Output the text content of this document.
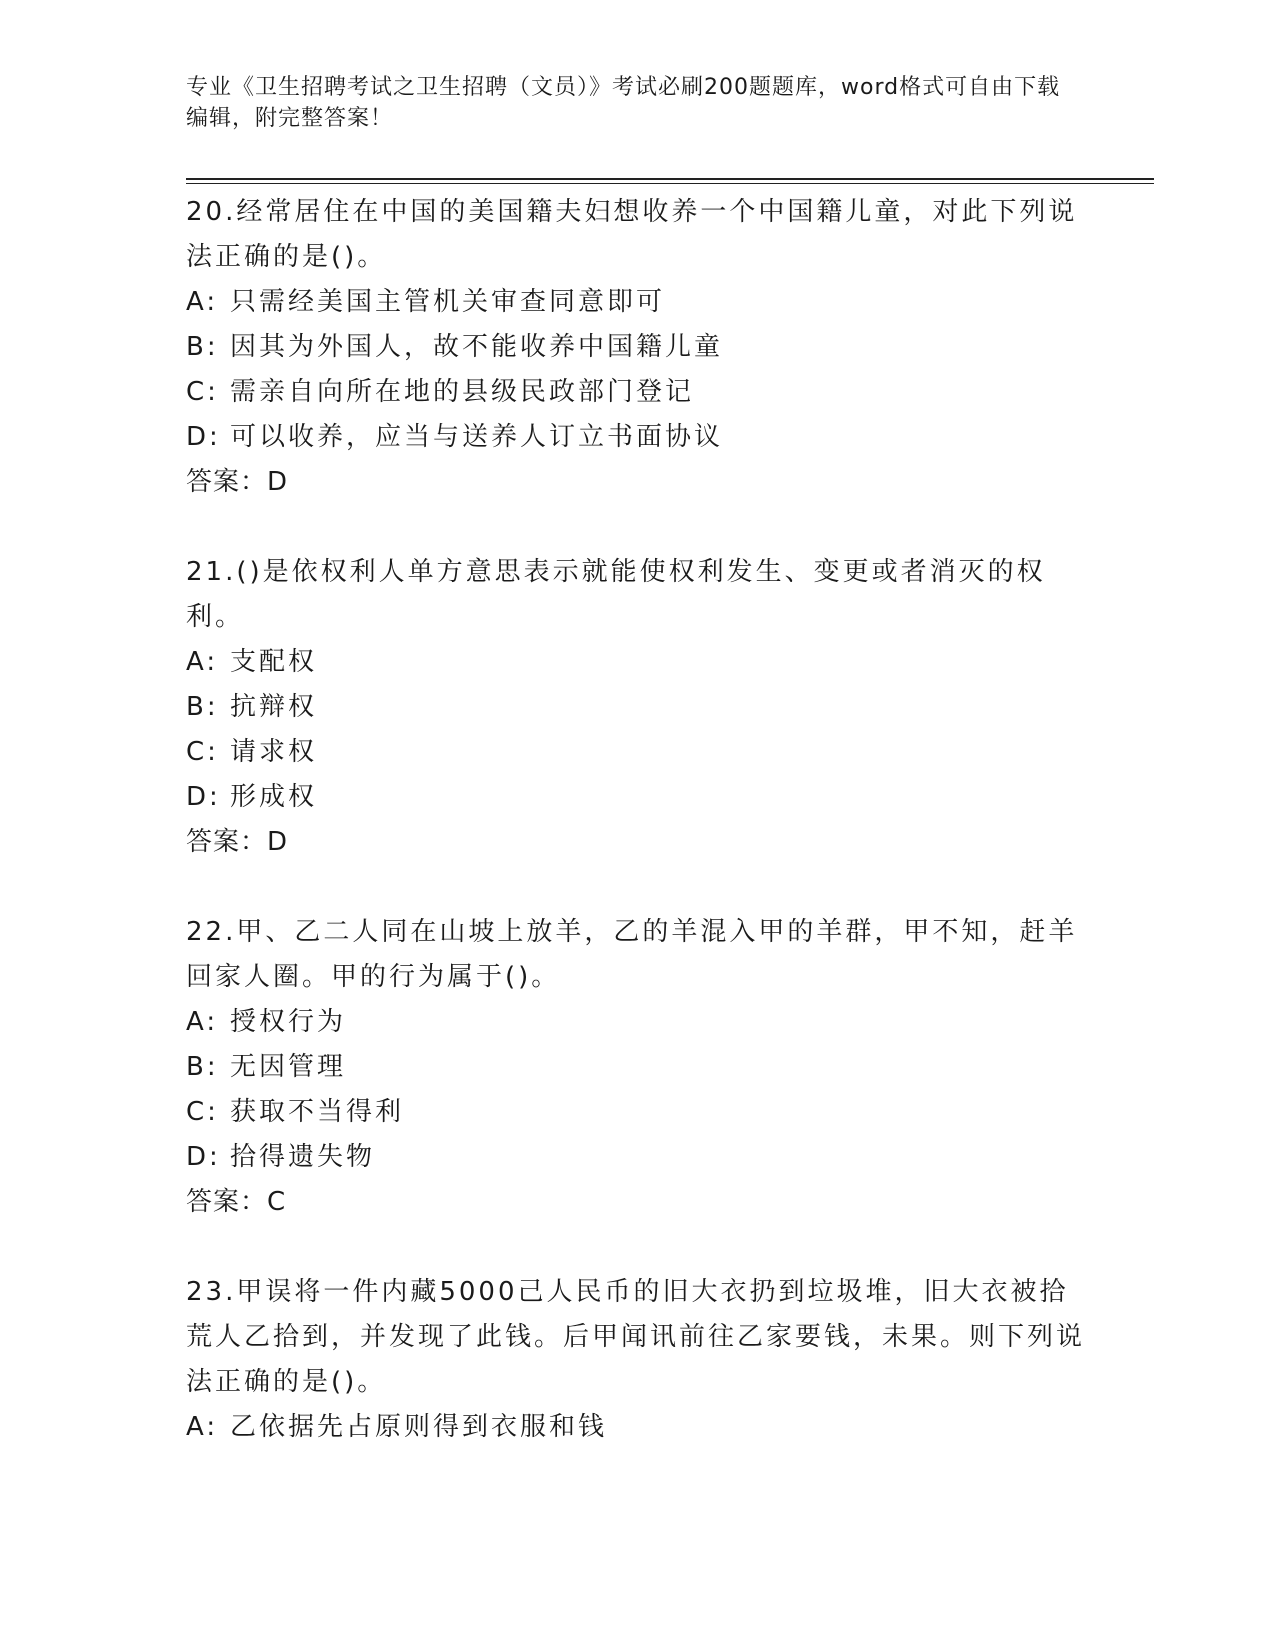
专业《卫生招聘考试之卫生招聘（文员）》考试必刷200题题库，word格式可自由下载编辑，附完整答案！
20.经常居住在中国的美国籍夫妇想收养一个中国籍儿童，对此下列说法正确的是()。
A: 只需经美国主管机关审查同意即可
B: 因其为外国人，故不能收养中国籍儿童
C: 需亲自向所在地的县级民政部门登记
D: 可以收养，应当与送养人订立书面协议
答案：D
21.()是依权利人单方意思表示就能使权利发生、变更或者消灭的权利。
A: 支配权
B: 抗辩权
C: 请求权
D: 形成权
答案：D
22.甲、乙二人同在山坡上放羊，乙的羊混入甲的羊群，甲不知，赶羊回家人圈。甲的行为属于()。
A: 授权行为
B: 无因管理
C: 获取不当得利
D: 拾得遗失物
答案：C
23.甲误将一件内藏5000己人民币的旧大衣扔到垃圾堆，旧大衣被拾荒人乙拾到，并发现了此钱。后甲闻讯前往乙家要钱，未果。则下列说法正确的是()。
A: 乙依据先占原则得到衣服和钱
